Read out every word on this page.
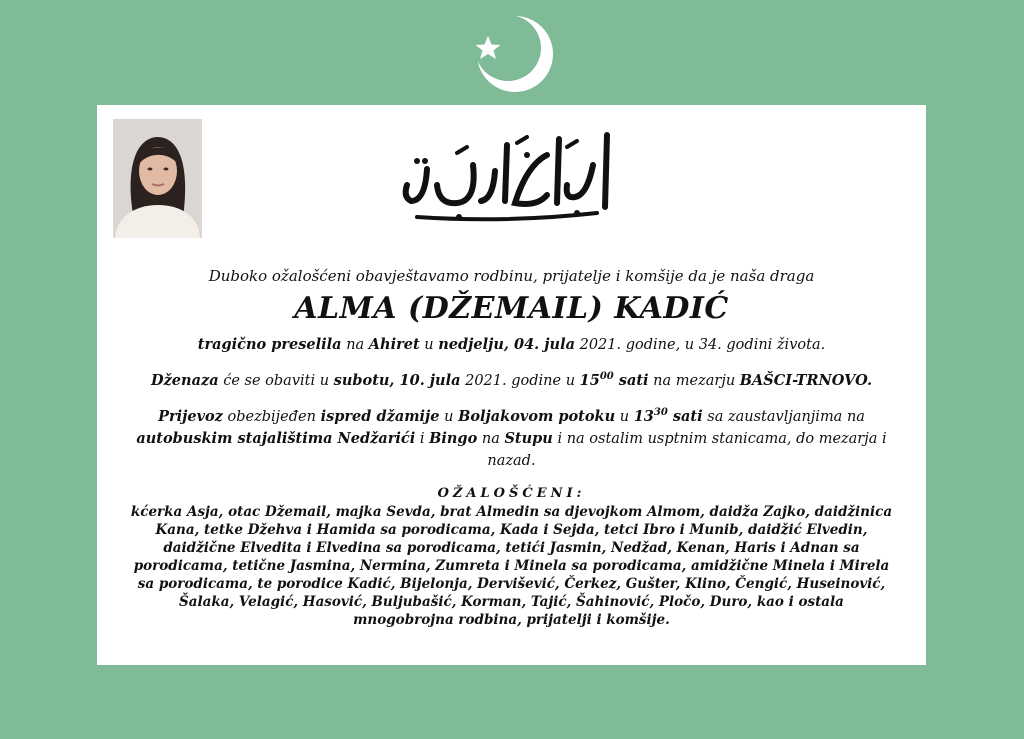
Duboko ožalošćeni obavještavamo rodbinu, prijatelje i komšije da je naša draga

ALMA (DŽEMAIL) KADIĆ

tragično preselila na Ahiret u nedjelju, 04. jula 2021. godine, u 34. godini života.

Dženaza će se obaviti u subotu, 10. jula 2021. godine u $15^{00}$ sati na mezarju BAŠCI-TRNOVO.

Prijevoz obezbijeđen ispred džamije u Boljakovom potoku u $13^{30}$ sati sa zaustavljanjima na autobuskim stajalištima Nedžarići i Bingo na Stupu i na ostalim usptnim stanicama, do mezarja i nazad.

OŽALOŠĆENI:

kćerka Asja, otac Džemail, majka Sevda, brat Almedin sa djevojkom Almom, daidža Zajko, daidžinica Kana, tetke Džehva i Hamida sa porodicama, Kada i Sejda, tetci Ibro i Munib, daidžić Elvedin, daidžične Elvedita i Elvedina sa porodicama, tetići Jasmin, Nedžad, Kenan, Haris i Adnan sa porodicama, tetične Jasmina, Nermina, Zumreta i Minela sa porodicama, amidžične Minela i Mirela sa porodicama, te porodice Kadić, Bijelonja, Dervišević, Čerkez, Gušter, Klino, Čengić, Huseinović, Šalaka, Velagić, Hasović, Buljubašić, Korman, Tajić, Šahinović, Pločo, Duro, kao i ostala mnogobrojna rodbina, prijatelji i komšije.
